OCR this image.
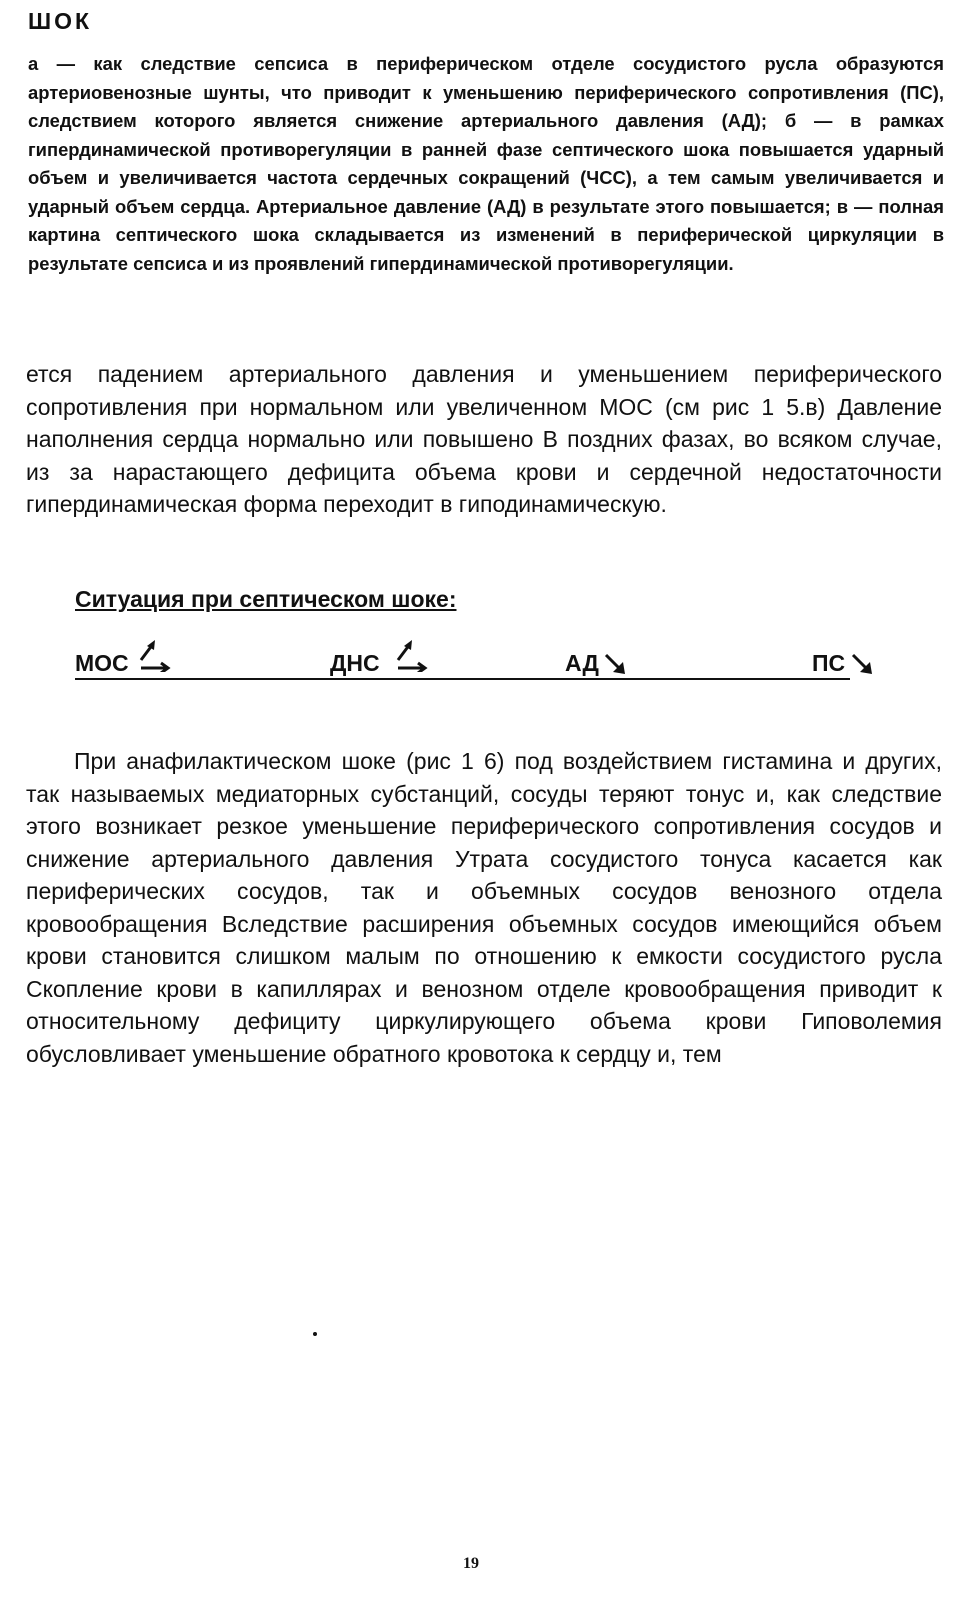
ШОК

а — как следствие сепсиса в периферическом отделе сосудистого русла образуются артериовенозные шунты, что приводит к уменьшению периферического сопротивления (ПС), следствием которого является снижение артериального давления (АД); б — в рамках гипердинамической противорегуляции в ранней фазе септического шока повышается ударный объем и увеличивается частота сердечных сокращений (ЧСС), а тем самым увеличивается и ударный объем сердца. Артериальное давление (АД) в результате этого повышается; в — полная картина септического шока складывается из изменений в периферической циркуляции в результате сепсиса и из проявлений гипердинамической противорегуляции.

ется падением артериального давления и уменьшением периферического сопротивления при нормальном или увеличенном МОС (см рис 1 5.в) Давление наполнения сердца нормально или повышено В поздних фазах, во всяком случае, из за нарастающего дефицита объема крови и сердечной недостаточности гипердинамическая форма переходит в гиподинамическую.

Ситуация при септическом шоке:
МОС	ДНС	АД	ПС

При анафилактическом шоке (рис 1 6) под воздействием гистамина и других, так называемых медиаторных субстанций, сосуды теряют тонус и, как следствие этого возникает резкое уменьшение периферического сопротивления сосудов и снижение артериального давления Утрата сосудистого тонуса касается как периферических сосудов, так и объемных сосудов венозного отдела кровообращения Вследствие расширения объемных сосудов имеющийся объем крови становится слишком малым по отношению к емкости сосудистого русла Скопление крови в капиллярах и венозном отделе кровообращения приводит к относительному дефициту циркулирующего объема крови Гиповолемия обусловливает уменьшение обратного кровотока к сердцу и, тем

19
